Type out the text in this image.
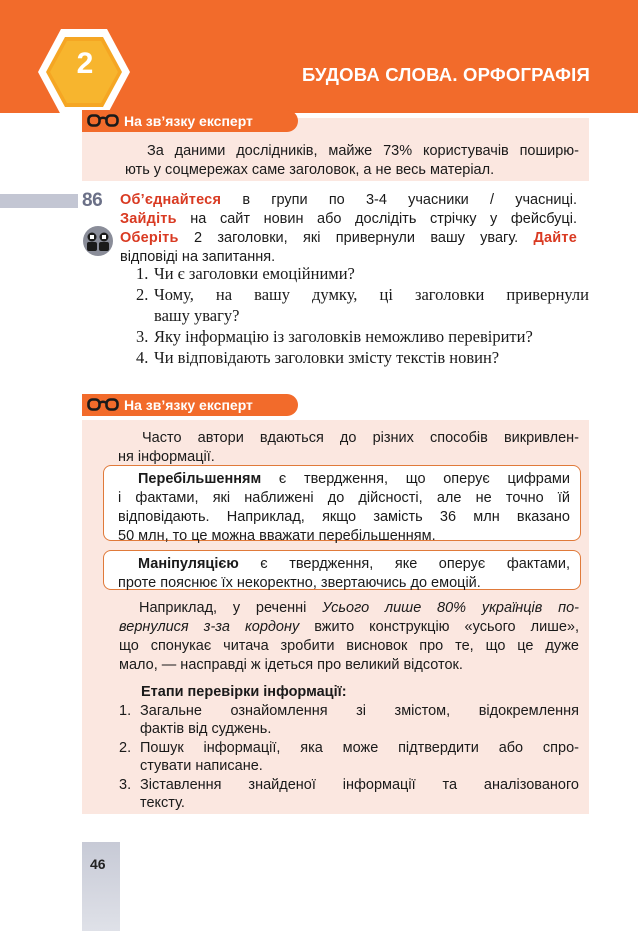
2	БУДОВА СЛОВА. ОРФОГРАФІЯ
На зв’язку експерт
За даними дослідників, майже 73% користувачів поширю-
ють у соцмережах саме заголовок, а не весь матеріал.
86 Об’єднайтеся в групи по 3-4 учасники / учасниці.
Зайдіть на сайт новин або дослідіть стрічку у фейсбуці.
Оберіть 2 заголовки, які привернули вашу увагу. Дайте
відповіді на запитання.
1. Чи є заголовки емоційними?
2. Чому, на вашу думку, ці заголовки привернули
вашу увагу?
3. Яку інформацію із заголовків неможливо перевірити?
4. Чи відповідають заголовки змісту текстів новин?
На зв’язку експерт
Часто автори вдаються до різних способів викривлен-
ня інформації.
Перебільшенням є твердження, що оперує цифрами
і фактами, які наближені до дійсності, але не точно їй
відповідають. Наприклад, якщо замість 36 млн вказано
50 млн, то це можна вважати перебільшенням.
Маніпуляцією є твердження, яке оперує фактами,
проте пояснює їх некоректно, звертаючись до емоцій.
Наприклад, у реченні Усього лише 80% українців по-
вернулися з-за кордону вжито конструкцію «усього лише»,
що спонукає читача зробити висновок про те, що це дуже
мало, — насправді ж ідеться про великий відсоток.
Етапи перевірки інформації:
1. Загальне ознайомлення зі змістом, відокремлення
фактів від суджень.
2. Пошук інформації, яка може підтвердити або спро-
стувати написане.
3. Зіставлення знайденої інформації та аналізованого
тексту.
46
